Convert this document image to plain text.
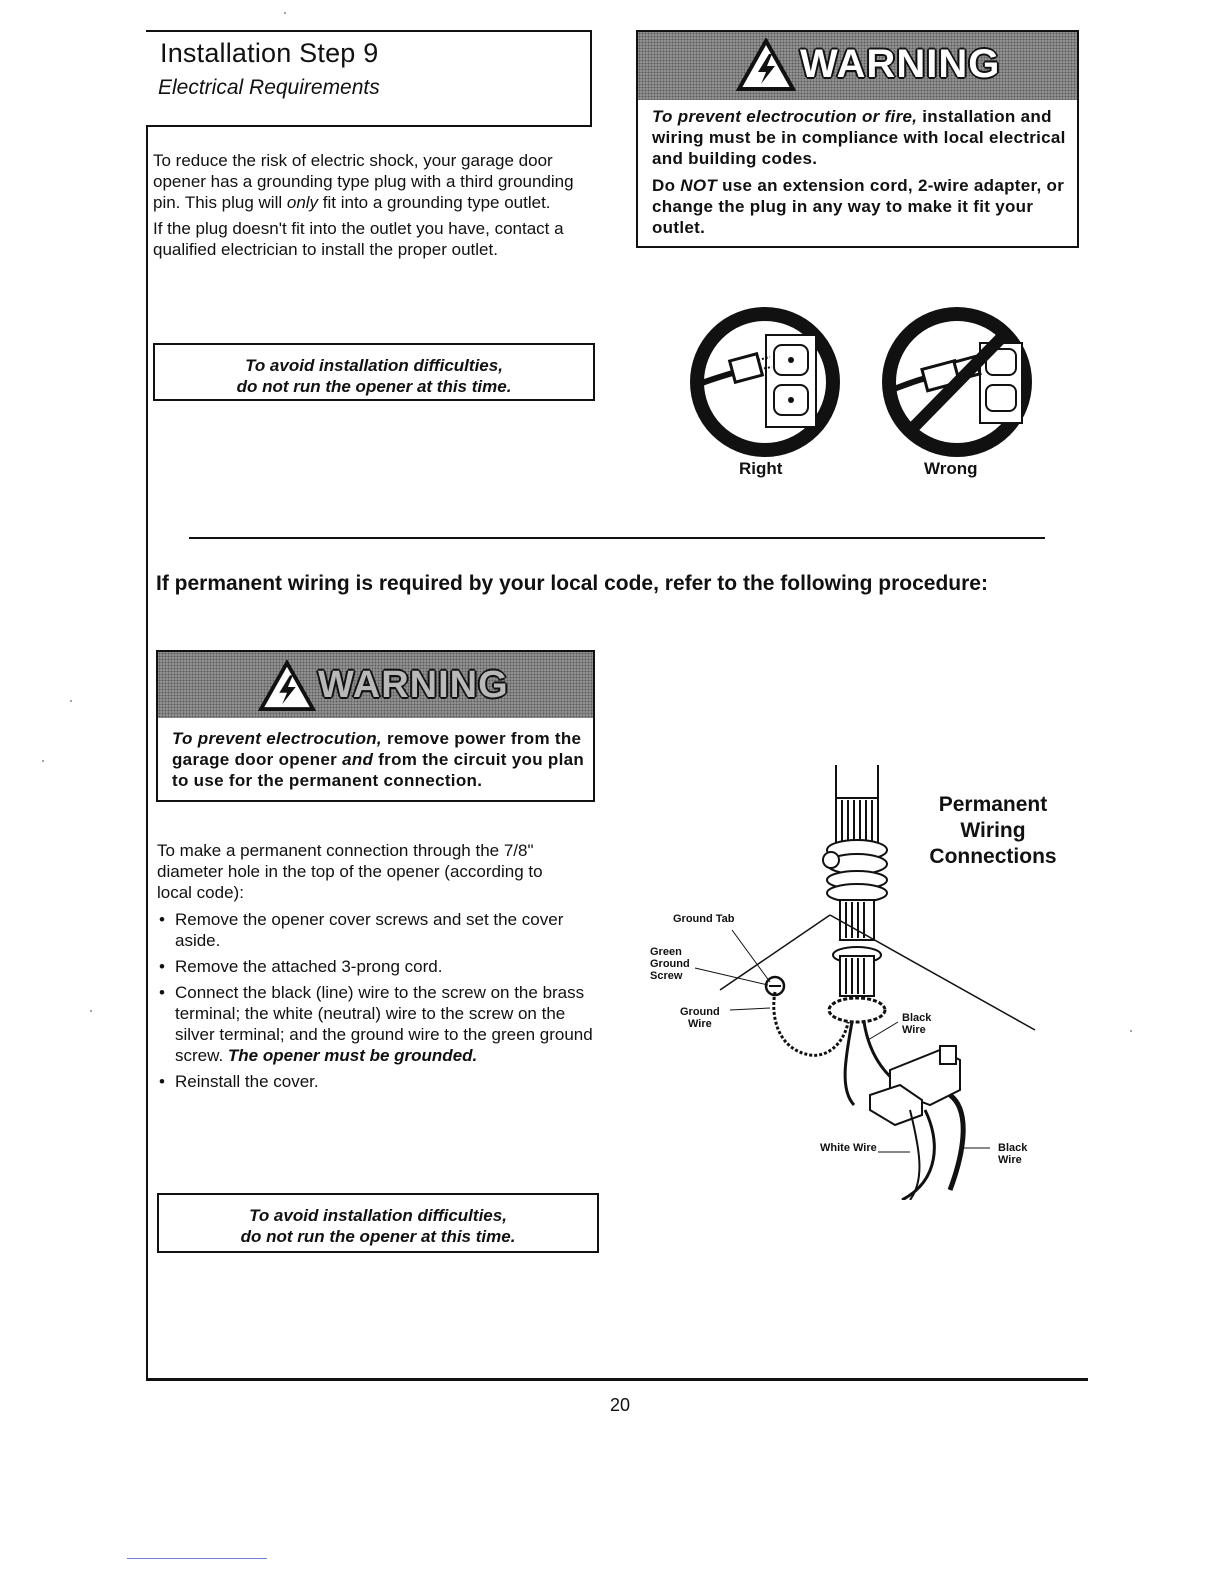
Installation Step 9
Electrical Requirements

To reduce the risk of electric shock, your garage door opener has a grounding type plug with a third grounding pin. This plug will only fit into a grounding type outlet.

If the plug doesn't fit into the outlet you have, contact a qualified electrician to install the proper outlet.

To avoid installation difficulties,
do not run the opener at this time.
WARNING
To prevent electrocution or fire, installation and wiring must be in compliance with local electrical and building codes.
Do NOT use an extension cord, 2-wire adapter, or change the plug in any way to make it fit your outlet.
Right	Wrong
If permanent wiring is required by your local code, refer to the following procedure:
WARNING
To prevent electrocution, remove power from the garage door opener and from the circuit you plan to use for the permanent connection.

To make a permanent connection through the 7/8" diameter hole in the top of the opener (according to local code):

• Remove the opener cover screws and set the cover aside.
• Remove the attached 3-prong cord.
• Connect the black (line) wire to the screw on the brass terminal; the white (neutral) wire to the screw on the silver terminal; and the ground wire to the green ground screw. The opener must be grounded.
• Reinstall the cover.
To avoid installation difficulties,
do not run the opener at this time.
Permanent
Wiring
Connections
Ground Tab
Green
Ground
Screw
Ground
Wire	Black
Wire
White Wire	Black
Wire
20
